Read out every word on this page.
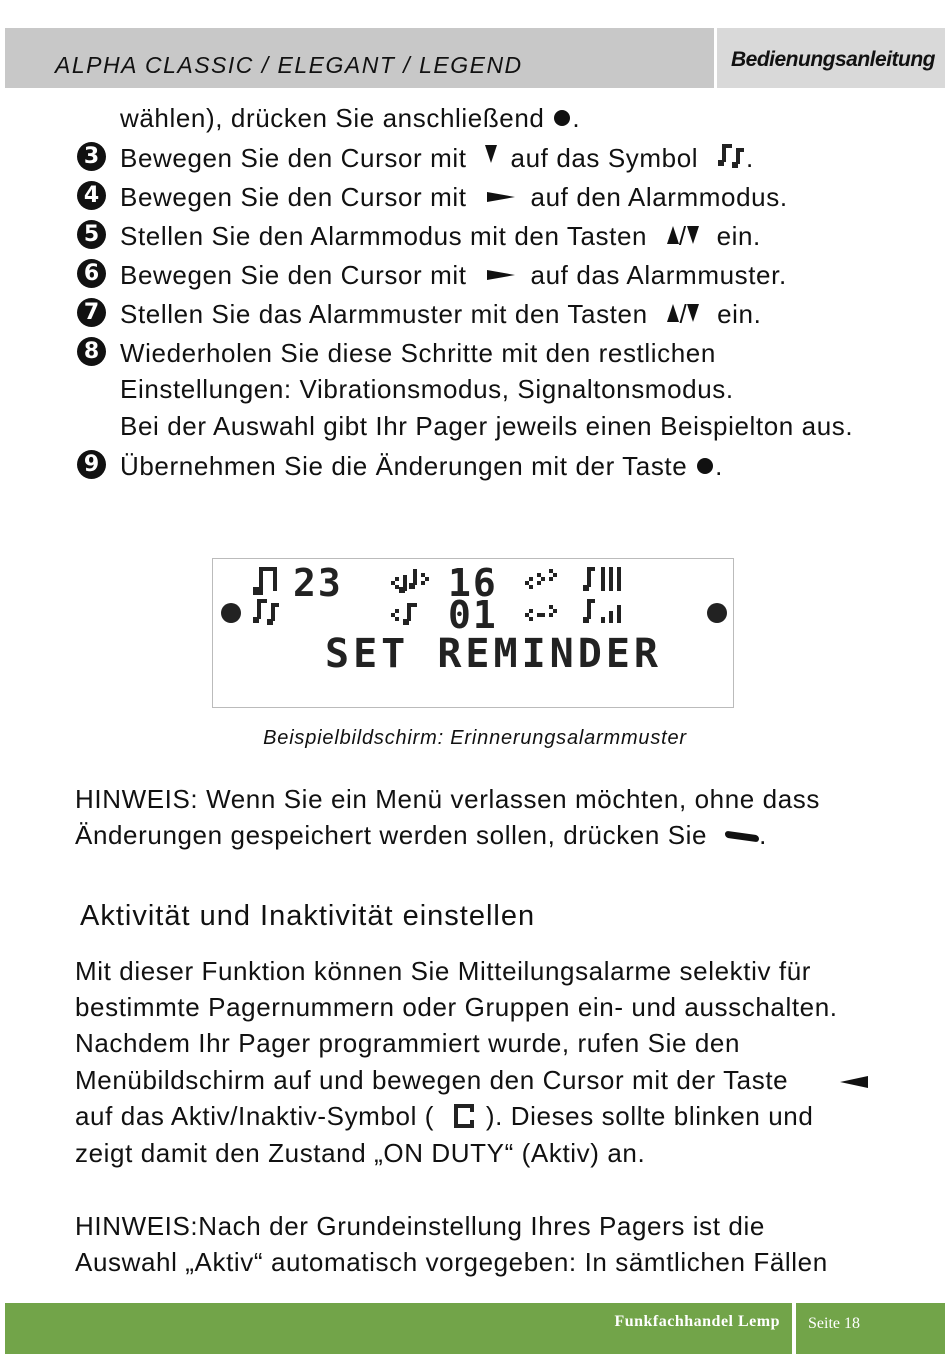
ALPHA CLASSIC / ELEGANT / LEGEND	Bedienungsanleitung
wählen), drücken Sie anschließend .
3 Bewegen Sie den Cursor mit auf das Symbol .
4 Bewegen Sie den Cursor mit auf den Alarmmodus.
5 Stellen Sie den Alarmmodus mit den Tasten / ein.
6 Bewegen Sie den Cursor mit auf das Alarmmuster.
7 Stellen Sie das Alarmmuster mit den Tasten / ein.
8 Wiederholen Sie diese Schritte mit den restlichen
Einstellungen: Vibrationsmodus, Signaltonsmodus.
Bei der Auswahl gibt Ihr Pager jeweils einen Beispielton aus.
9 Übernehmen Sie die Änderungen mit der Taste .
23	16
01
SET REMINDER
Beispielbildschirm: Erinnerungsalarmmuster
HINWEIS: Wenn Sie ein Menü verlassen möchten, ohne dass
Änderungen gespeichert werden sollen, drücken Sie .
Aktivität und Inaktivität einstellen
Mit dieser Funktion können Sie Mitteilungsalarme selektiv für
bestimmte Pagernummern oder Gruppen ein- und ausschalten.
Nachdem Ihr Pager programmiert wurde, rufen Sie den
Menübildschirm auf und bewegen den Cursor mit der Taste
auf das Aktiv/Inaktiv-Symbol ( ). Dieses sollte blinken und
zeigt damit den Zustand „ON DUTY“ (Aktiv) an.
HINWEIS:Nach der Grundeinstellung Ihres Pagers ist die
Auswahl „Aktiv“ automatisch vorgegeben: In sämtlichen Fällen
Funkfachhandel Lemp Seite 18
